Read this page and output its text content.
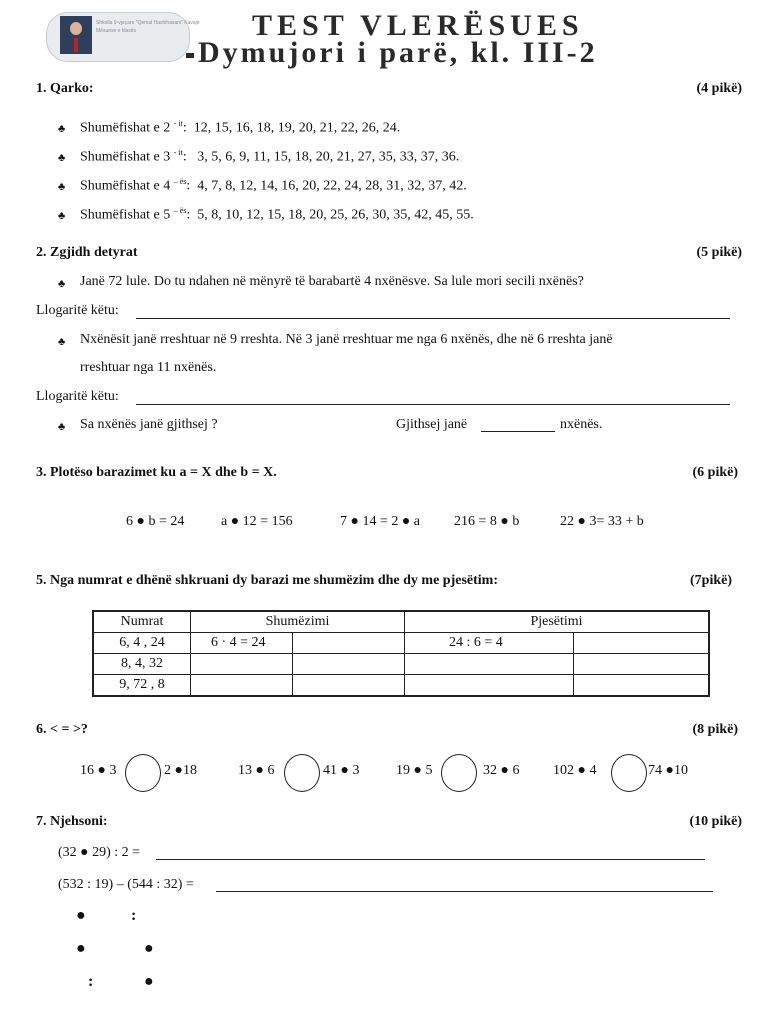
Shkolla 9-vjeçare "Qemal Haxhihasani" Kavajë
Mësuese e klasës	TEST VLERËSUES
Dymujori i parë, kl. III-2
1. Qarko:	(4 pikë)
♣ Shumëfishat e 2 $^{- it}$:  12, 15, 16, 18, 19, 20, 21, 22, 26, 24.
♣ Shumëfishat e 3 $^{- it}$:   3, 5, 6, 9, 11, 15, 18, 20, 21, 27, 35, 33, 37, 36.
♣ Shumëfishat e 4 $^{- ës}$:  4, 7, 8, 12, 14, 16, 20, 22, 24, 28, 31, 32, 37, 42.
♣ Shumëfishat e 5 $^{- ës}$:  5, 8, 10, 12, 15, 18, 20, 25, 26, 30, 35, 42, 45, 55.
2. Zgjidh detyrat	(5 pikë)
♣ Janë 72 lule. Do tu ndahen në mënyrë të barabartë 4 nxënësve. Sa lule mori secili nxënës?
Llogaritë këtu:
♣ Nxënësit janë rreshtuar në 9 rreshta. Në 3 janë rreshtuar me nga 6 nxënës, dhe në 6 rreshta janë
rreshtuar nga 11 nxënës.
Llogaritë këtu:
♣ Sa nxënës janë gjithsej ?	Gjithsej janë	nxënës.
3. Plotëso barazimet ku a = X dhe b = X.	(6 pikë)
6 ● b = 24	a ● 12 = 156	7 ● 14 = 2 ● a 216 = 8 ● b	22 ● 3= 33 + b
5. Nga numrat e dhënë shkruani dy barazi me shumëzim dhe dy me pjesëtim:	(7pikë)
Numrat	Shumëzimi		Pjesëtimi	
6, 4 , 24	6 · 4 = 24		24 : 6 = 4	
8, 4, 32				
9, 72 , 8				
6. < = >?	(8 pikë)
16 ● 3	2 ●18	13 ● 6	41 ● 3	19 ● 5	32 ● 6 102 ● 4	74 ●10
7. Njehsoni:	(10 pikë)
(32 ● 29) : 2 =
(532 : 19) – (544 : 32) =
●	:
●	●
:	●
